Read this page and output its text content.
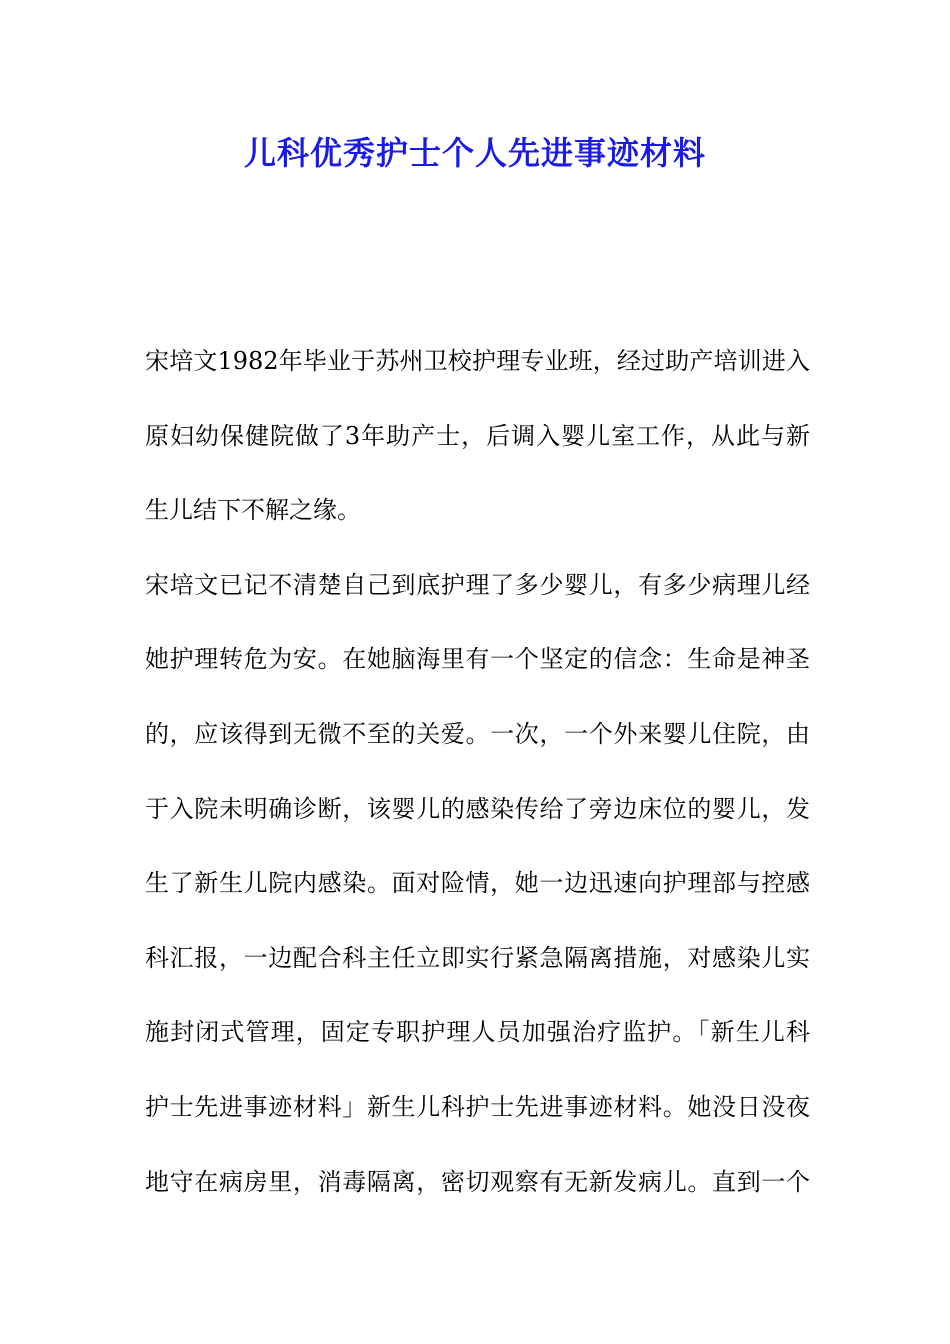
儿科优秀护士个人先进事迹材料

宋培文1982年毕业于苏州卫校护理专业班，经过助产培训进入

原妇幼保健院做了3年助产士，后调入婴儿室工作，从此与新

生儿结下不解之缘。

宋培文已记不清楚自己到底护理了多少婴儿，有多少病理儿经

她护理转危为安。在她脑海里有一个坚定的信念：生命是神圣

的，应该得到无微不至的关爱。一次，一个外来婴儿住院，由

于入院未明确诊断，该婴儿的感染传给了旁边床位的婴儿，发

生了新生儿院内感染。面对险情，她一边迅速向护理部与控感

科汇报，一边配合科主任立即实行紧急隔离措施，对感染儿实

施封闭式管理，固定专职护理人员加强治疗监护。「新生儿科

护士先进事迹材料」新生儿科护士先进事迹材料。她没日没夜

地守在病房里，消毒隔离，密切观察有无新发病儿。直到一个
